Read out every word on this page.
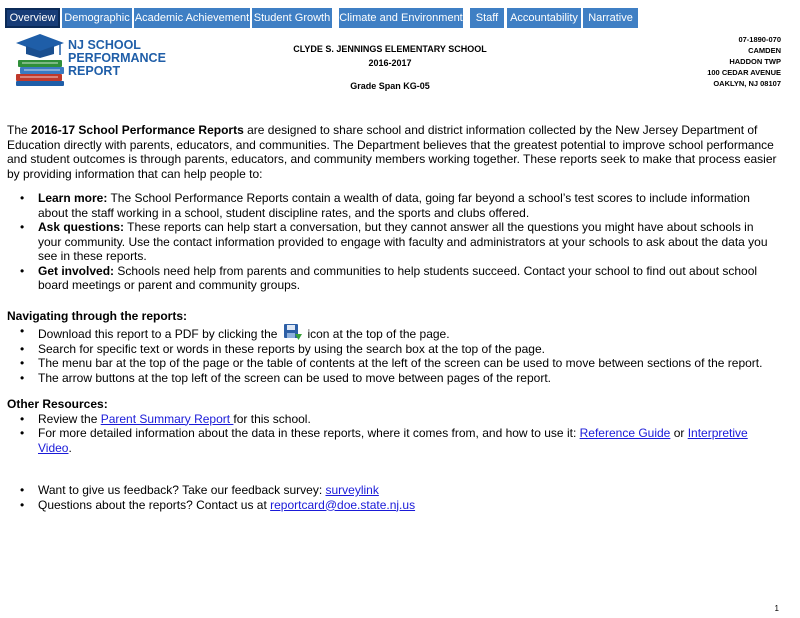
Overview Demographic Academic Achievement Student Growth Climate and Environment	Staff	Accountability Narrative
NJ SCHOOL
PERFORMANCE
REPORT
CLYDE S. JENNINGS ELEMENTARY SCHOOL
2016-2017
Grade Span KG-05
07-1890-070
CAMDEN
HADDON TWP
100 CEDAR AVENUE
OAKLYN, NJ 08107

The 2016-17 School Performance Reports are designed to share school and district information collected by the New Jersey Department of Education directly with parents, educators, and communities. The Department believes that the greatest potential to improve school performance and student outcomes is through parents, educators, and community members working together. These reports seek to make that process easier by providing information that can help people to:

• Learn more: The School Performance Reports contain a wealth of data, going far beyond a school’s test scores to include information about the staff working in a school, student discipline rates, and the sports and clubs offered.
• Ask questions: These reports can help start a conversation, but they cannot answer all the questions you might have about schools in your community. Use the contact information provided to engage with faculty and administrators at your schools to ask about the data you see in these reports.
• Get involved: Schools need help from parents and communities to help students succeed. Contact your school to find out about school board meetings or parent and community groups.
Navigating through the reports:
• Download this report to a PDF by clicking the	icon at the top of the page.
• Search for specific text or words in these reports by using the search box at the top of the page.
• The menu bar at the top of the page or the table of contents at the left of the screen can be used to move between sections of the report.
• The arrow buttons at the top left of the screen can be used to move between pages of the report.
Other Resources:
• Review the Parent Summary Report for this school.
• For more detailed information about the data in these reports, where it comes from, and how to use it: Reference Guide or Interpretive Video.
• Want to give us feedback? Take our feedback survey: surveylink
• Questions about the reports? Contact us at reportcard@doe.state.nj.us
1
